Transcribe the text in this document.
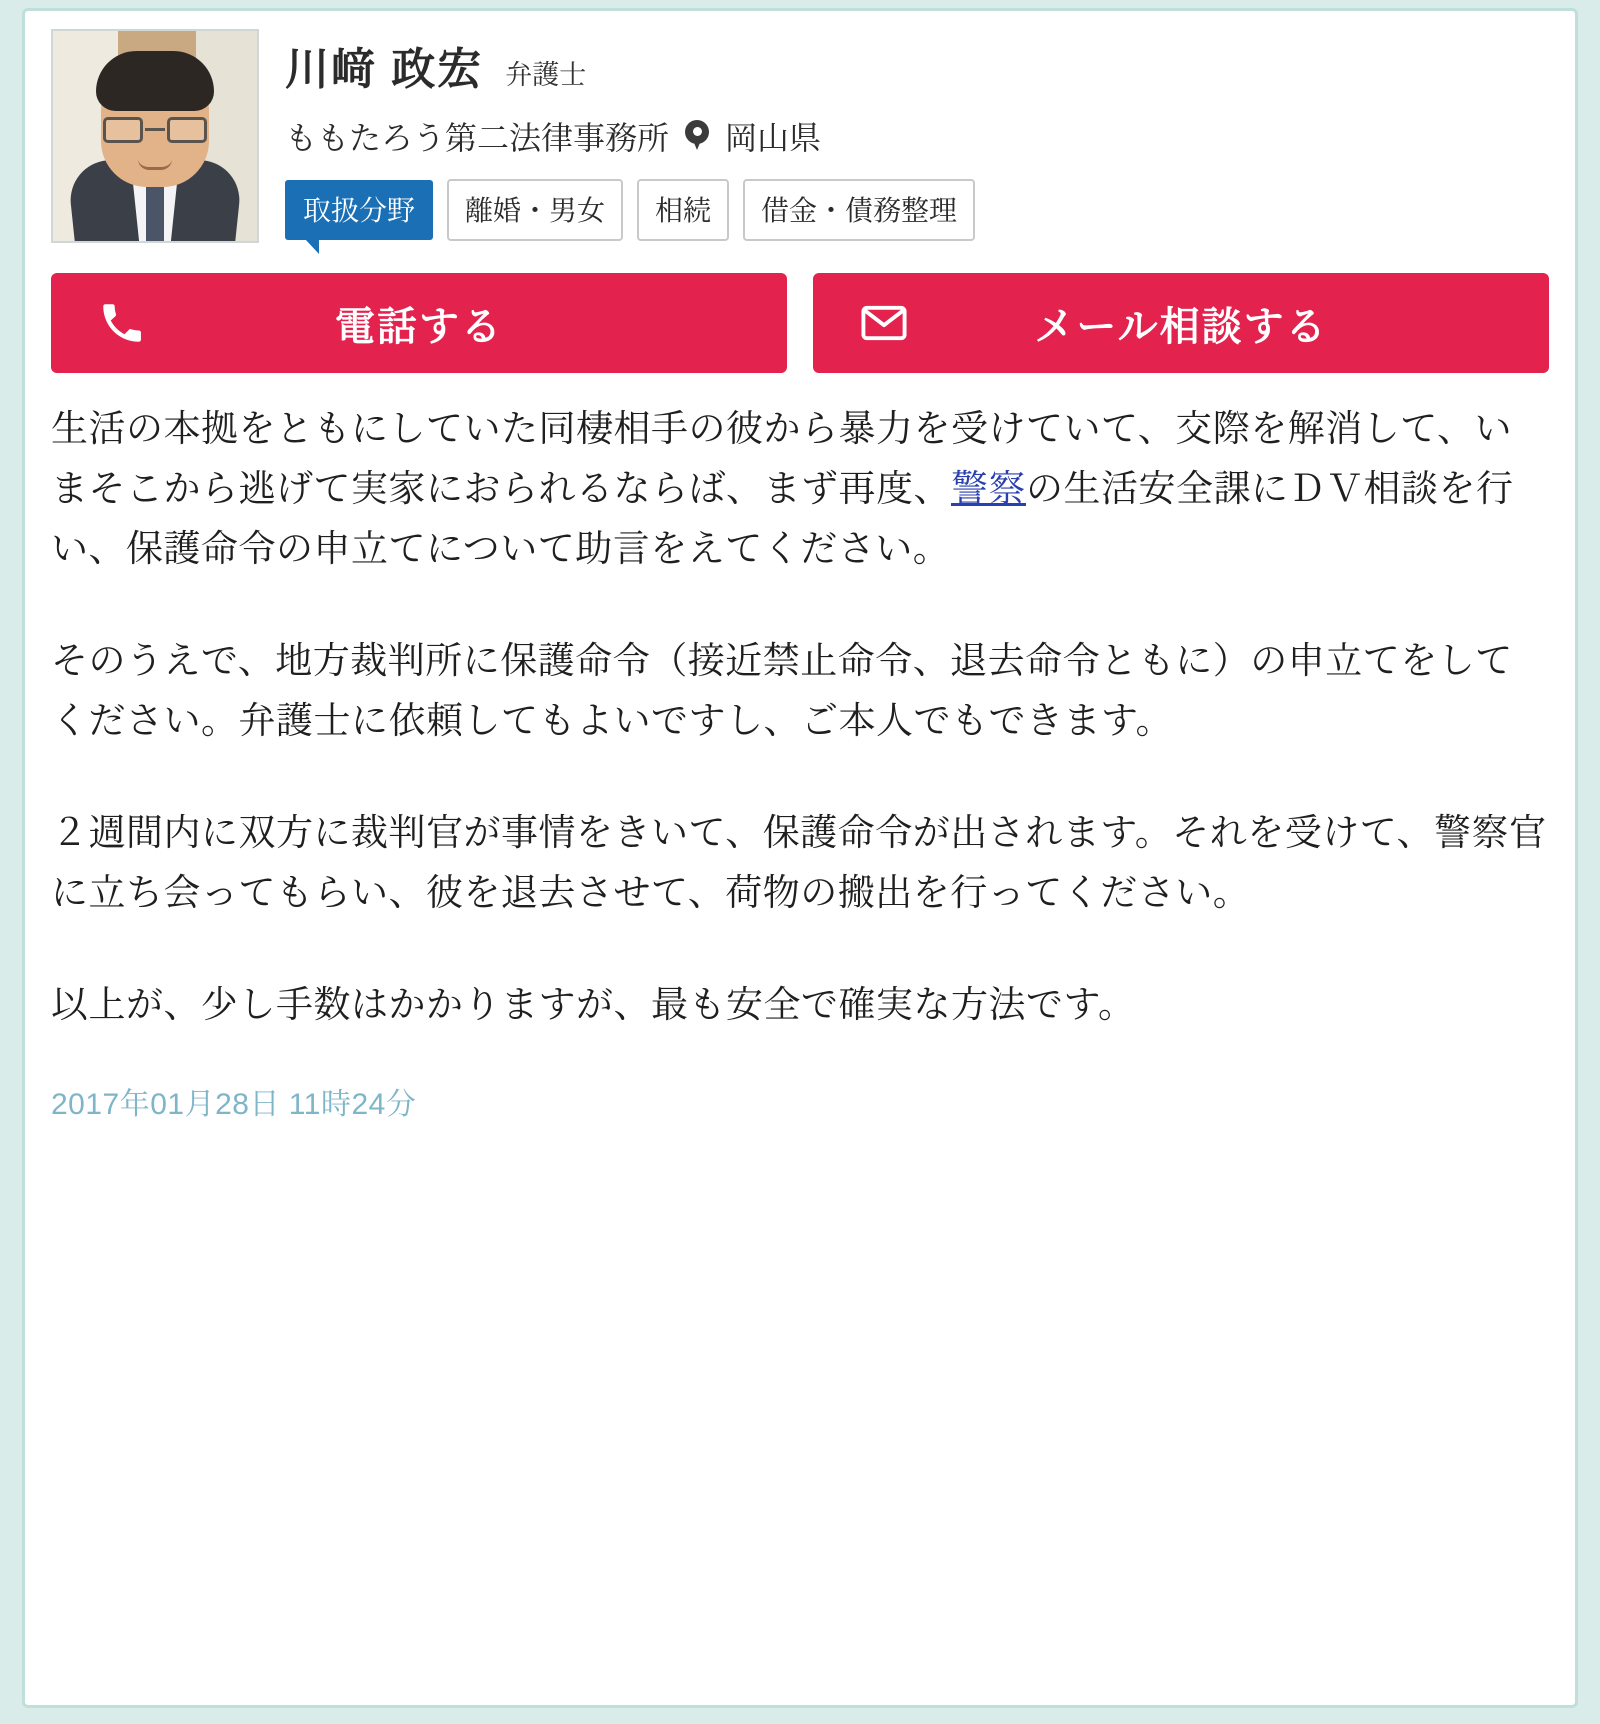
川﨑 政宏 弁護士
ももたろう第二法律事務所 岡山県
取扱分野	離婚・男女	相続	借金・債務整理
電話する	メール相談する

生活の本拠をともにしていた同棲相手の彼から暴力を受けていて、交際を解消して、いまそこから逃げて実家におられるならば、まず再度、警察の生活安全課にＤＶ相談を行い、保護命令の申立てについて助言をえてください。

そのうえで、地方裁判所に保護命令（接近禁止命令、退去命令ともに）の申立てをしてください。弁護士に依頼してもよいですし、ご本人でもできます。

２週間内に双方に裁判官が事情をきいて、保護命令が出されます。それを受けて、警察官に立ち会ってもらい、彼を退去させて、荷物の搬出を行ってください。

以上が、少し手数はかかりますが、最も安全で確実な方法です。

2017年01月28日 11時24分
